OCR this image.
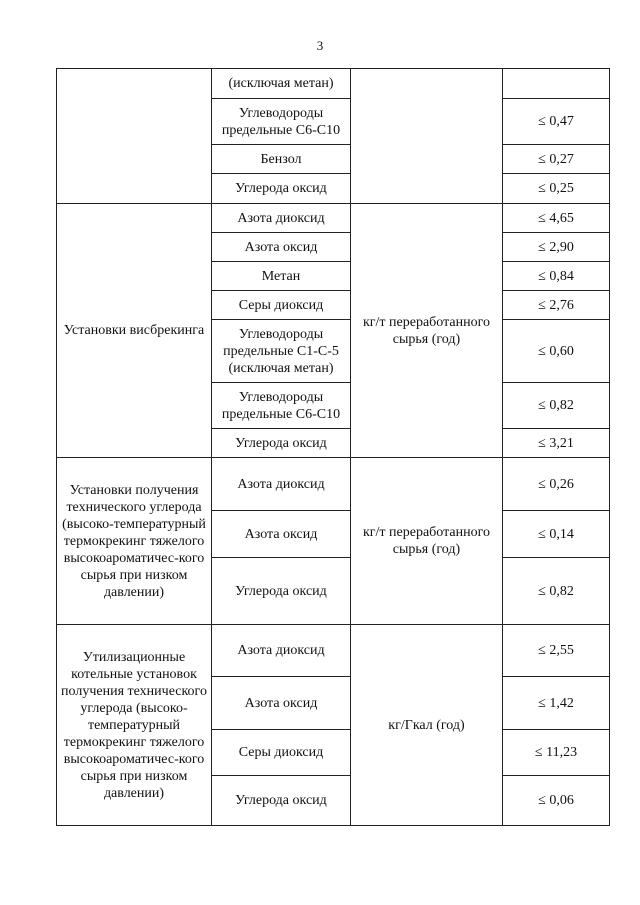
3
	(исключая метан)		
	Углеводороды предельные С6-С10		≤ 0,47
	Бензол		≤ 0,27
	Углерода оксид		≤ 0,25
Установки висбрекинга	Азота диоксид	кг/т переработанного сырья (год)	≤ 4,65
	Азота оксид		≤ 2,90
	Метан		≤ 0,84
	Серы диоксид		≤ 2,76
	Углеводороды предельные С1-С-5 (исключая метан)		≤ 0,60
	Углеводороды предельные С6-С10		≤ 0,82
	Углерода оксид		≤ 3,21
Установки получения технического углерода (высоко-температурный термокрекинг тяжелого высокоароматичес-кого сырья при низком давлении)	Азота диоксид	кг/т переработанного сырья (год)	≤ 0,26
	Азота оксид		≤ 0,14
	Углерода оксид		≤ 0,82
Утилизационные котельные установок получения технического углерода (высоко-температурный термокрекинг тяжелого высокоароматичес-кого сырья при низком давлении)	Азота диоксид	кг/Гкал (год)	≤ 2,55
	Азота оксид		≤ 1,42
	Серы диоксид		≤ 11,23
	Углерода оксид		≤ 0,06
